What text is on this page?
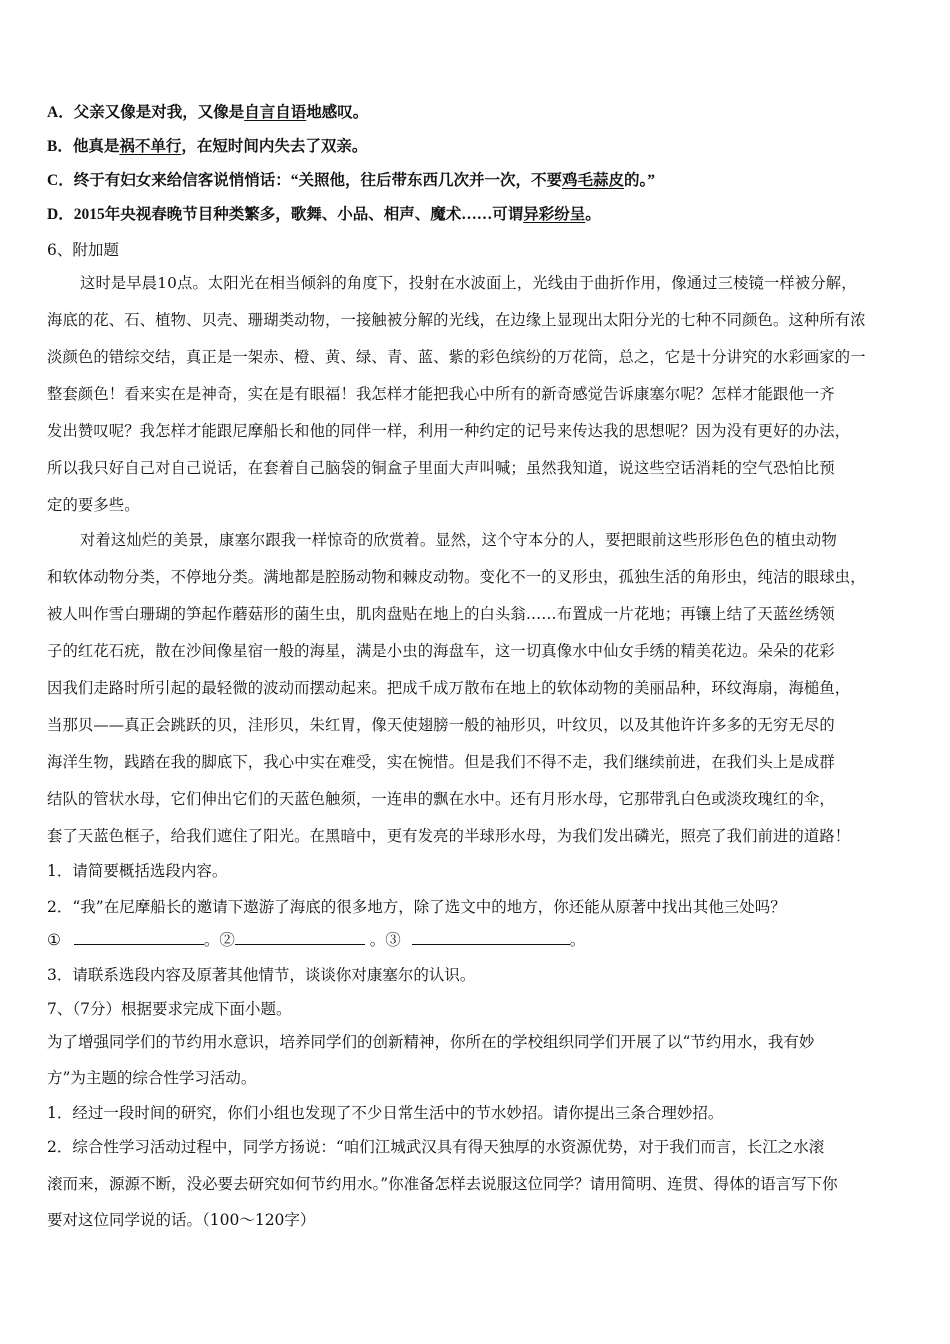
A．父亲又像是对我，又像是自言自语地感叹。
B．他真是祸不单行，在短时间内失去了双亲。
C．终于有妇女来给信客说悄悄话：“关照他，往后带东西几次并一次，不要鸡毛蒜皮的。”
D．2015年央视春晚节目种类繁多，歌舞、小品、相声、魔术……可谓异彩纷呈。
6、附加题
这时是早晨10点。太阳光在相当倾斜的角度下，投射在水波面上，光线由于曲折作用，像通过三棱镜一样被分解，
海底的花、石、植物、贝壳、珊瑚类动物，一接触被分解的光线，在边缘上显现出太阳分光的七种不同颜色。这种所有浓
淡颜色的错综交结，真正是一架赤、橙、黄、绿、青、蓝、紫的彩色缤纷的万花筒，总之，它是十分讲究的水彩画家的一
整套颜色！看来实在是神奇，实在是有眼福！我怎样才能把我心中所有的新奇感觉告诉康塞尔呢？怎样才能跟他一齐
发出赞叹呢？我怎样才能跟尼摩船长和他的同伴一样，利用一种约定的记号来传达我的思想呢？因为没有更好的办法，
所以我只好自己对自己说话，在套着自己脑袋的铜盒子里面大声叫喊；虽然我知道，说这些空话消耗的空气恐怕比预
定的要多些。
对着这灿烂的美景，康塞尔跟我一样惊奇的欣赏着。显然，这个守本分的人，要把眼前这些形形色色的植虫动物
和软体动物分类，不停地分类。满地都是腔肠动物和棘皮动物。变化不一的叉形虫，孤独生活的角形虫，纯洁的眼球虫，
被人叫作雪白珊瑚的笋起作蘑菇形的菌生虫，肌肉盘贴在地上的白头翁……布置成一片花地；再镶上结了天蓝丝绣领
子的红花石疣，散在沙间像星宿一般的海星，满是小虫的海盘车，这一切真像水中仙女手绣的精美花边。朵朵的花彩
因我们走路时所引起的最轻微的波动而摆动起来。把成千成万散布在地上的软体动物的美丽品种，环纹海扇，海槌鱼，
当那贝——真正会跳跃的贝，洼形贝，朱红胃，像天使翅膀一般的袖形贝，叶纹贝，以及其他许许多多的无穷无尽的
海洋生物，践踏在我的脚底下，我心中实在难受，实在惋惜。但是我们不得不走，我们继续前进，在我们头上是成群
结队的管状水母，它们伸出它们的天蓝色触须，一连串的飘在水中。还有月形水母，它那带乳白色或淡玫瑰红的伞，
套了天蓝色框子，给我们遮住了阳光。在黑暗中，更有发亮的半球形水母，为我们发出磷光，照亮了我们前进的道路！
1．请简要概括选段内容。
2．“我”在尼摩船长的邀请下遨游了海底的很多地方，除了选文中的地方，你还能从原著中找出其他三处吗？
①	。②	。③	。
3．请联系选段内容及原著其他情节，谈谈你对康塞尔的认识。
7、（7分）根据要求完成下面小题。
为了增强同学们的节约用水意识，培养同学们的创新精神，你所在的学校组织同学们开展了以“节约用水，我有妙
方”为主题的综合性学习活动。
1．经过一段时间的研究，你们小组也发现了不少日常生活中的节水妙招。请你提出三条合理妙招。
2．综合性学习活动过程中，同学方扬说：“咱们江城武汉具有得天独厚的水资源优势，对于我们而言，长江之水滚
滚而来，源源不断，没必要去研究如何节约用水。”你准备怎样去说服这位同学？请用简明、连贯、得体的语言写下你
要对这位同学说的话。（100～120字）
